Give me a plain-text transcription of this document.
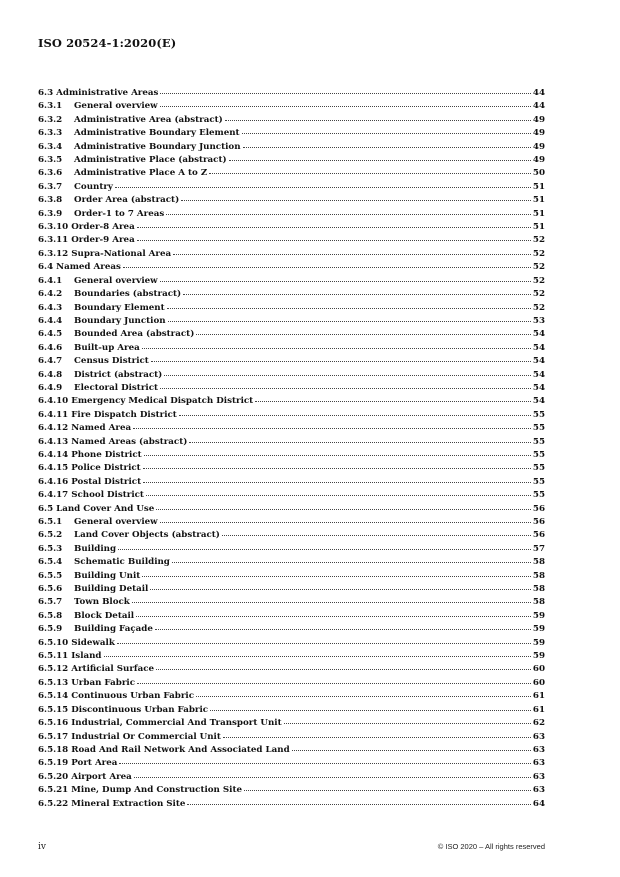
ISO 20524-1:2020(E)
6.3 Administrative Areas	44
6.3.1	General overview	44
6.3.2	Administrative Area (abstract)	49
6.3.3	Administrative Boundary Element	49
6.3.4	Administrative Boundary Junction	49
6.3.5	Administrative Place (abstract)	49
6.3.6	Administrative Place A to Z	50
6.3.7	Country	51
6.3.8	Order Area (abstract)	51
6.3.9	Order-1 to 7 Areas	51
6.3.10 Order-8 Area	51
6.3.11 Order-9 Area	52
6.3.12 Supra-National Area	52
6.4 Named Areas	52
6.4.1	General overview	52
6.4.2	Boundaries (abstract)	52
6.4.3	Boundary Element	52
6.4.4	Boundary Junction	53
6.4.5	Bounded Area (abstract)	54
6.4.6	Built-up Area	54
6.4.7	Census District	54
6.4.8	District (abstract)	54
6.4.9	Electoral District	54
6.4.10 Emergency Medical Dispatch District	54
6.4.11 Fire Dispatch District	55
6.4.12 Named Area	55
6.4.13 Named Areas (abstract)	55
6.4.14 Phone District	55
6.4.15 Police District	55
6.4.16 Postal District	55
6.4.17 School District	55
6.5 Land Cover And Use	56
6.5.1	General overview	56
6.5.2	Land Cover Objects (abstract)	56
6.5.3	Building	57
6.5.4	Schematic Building	58
6.5.5	Building Unit	58
6.5.6	Building Detail	58
6.5.7	Town Block	58
6.5.8	Block Detail	59
6.5.9	Building Façade	59
6.5.10 Sidewalk	59
6.5.11 Island	59
6.5.12 Artificial Surface	60
6.5.13 Urban Fabric	60
6.5.14 Continuous Urban Fabric	61
6.5.15 Discontinuous Urban Fabric	61
6.5.16 Industrial, Commercial And Transport Unit	62
6.5.17 Industrial Or Commercial Unit	63
6.5.18 Road And Rail Network And Associated Land	63
6.5.19 Port Area	63
6.5.20 Airport Area	63
6.5.21 Mine, Dump And Construction Site	63
6.5.22 Mineral Extraction Site	64
iv	© ISO 2020 – All rights reserved
